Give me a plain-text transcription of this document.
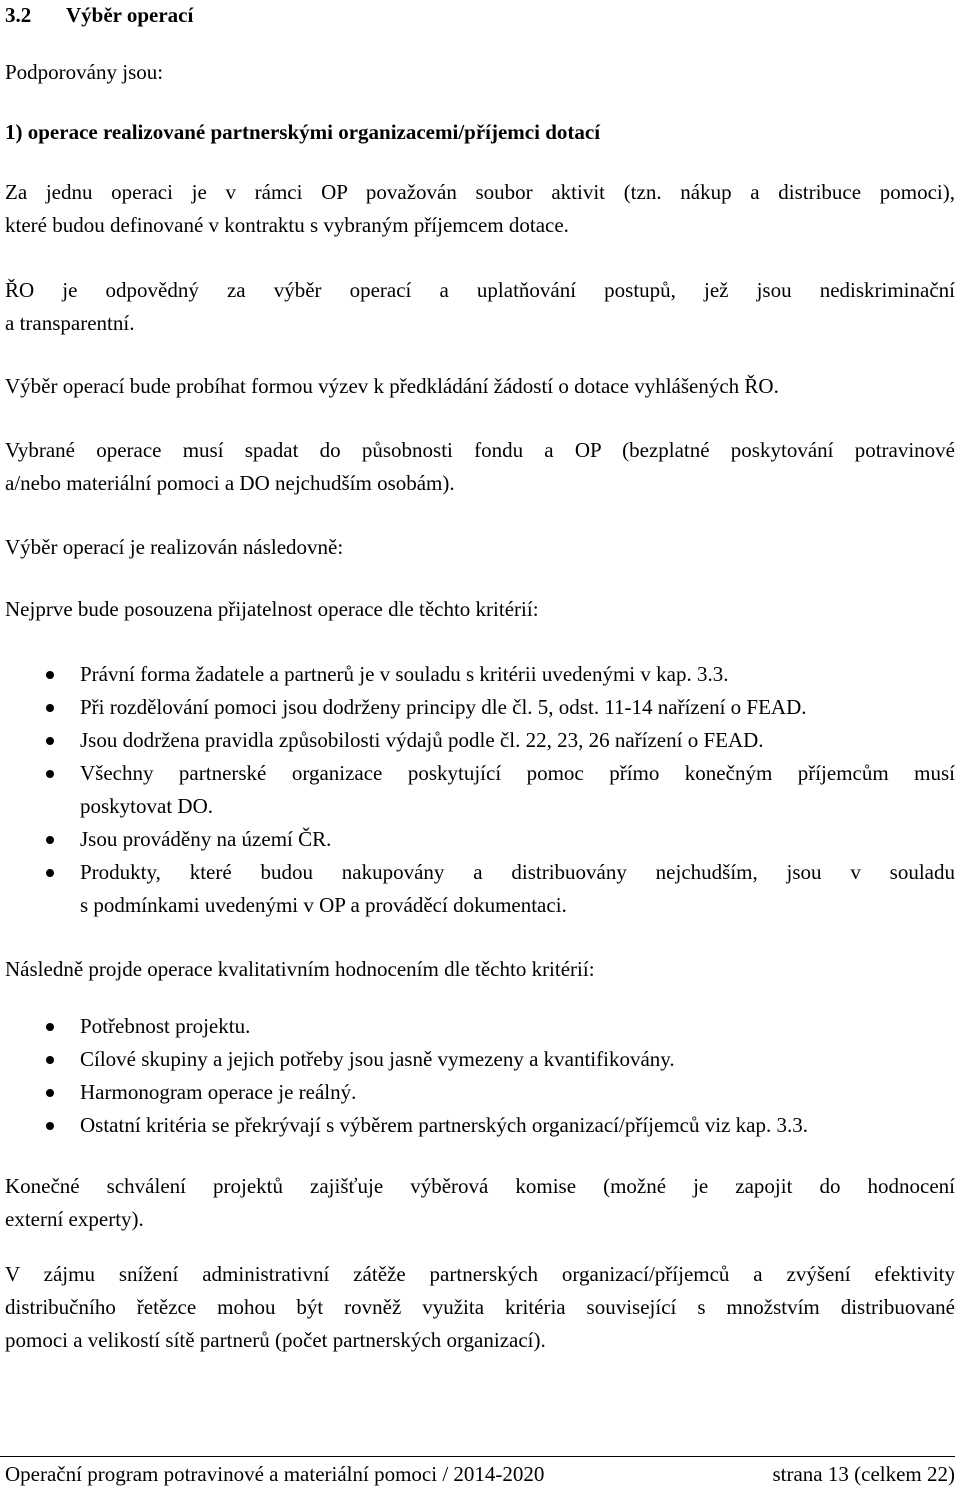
3.2	Výběr operací

Podporovány jsou:

1) operace realizované partnerskými organizacemi/příjemci dotací

Za jednu operaci je v rámci OP považován soubor aktivit (tzn. nákup a distribuce pomoci),
které budou definované v kontraktu s vybraným příjemcem dotace.
ŘO je odpovědný za výběr operací a uplatňování postupů, jež jsou nediskriminační
a transparentní.

Výběr operací bude probíhat formou výzev k předkládání žádostí o dotace vyhlášených ŘO.

Vybrané operace musí spadat do působnosti fondu a OP (bezplatné poskytování potravinové
a/nebo materiální pomoci a DO nejchudším osobám).

Výběr operací je realizován následovně:

Nejprve bude posouzena přijatelnost operace dle těchto kritérií:

Právní forma žadatele a partnerů je v souladu s kritérii uvedenými v kap. 3.3.
Při rozdělování pomoci jsou dodrženy principy dle čl. 5, odst. 11-14 nařízení o FEAD.
Jsou dodržena pravidla způsobilosti výdajů podle čl. 22, 23, 26 nařízení o FEAD.
Všechny partnerské organizace poskytující pomoc přímo konečným příjemcům musí
poskytovat DO.
Jsou prováděny na území ČR.
Produkty, které budou nakupovány a distribuovány nejchudším, jsou v souladu
s podmínkami uvedenými v OP a prováděcí dokumentaci.

Následně projde operace kvalitativním hodnocením dle těchto kritérií:

Potřebnost projektu.
Cílové skupiny a jejich potřeby jsou jasně vymezeny a kvantifikovány.
Harmonogram operace je reálný.
Ostatní kritéria se překrývají s výběrem partnerských organizací/příjemců viz kap. 3.3.
Konečné schválení projektů zajišťuje výběrová komise (možné je zapojit do hodnocení
externí experty).
V zájmu snížení administrativní zátěže partnerských organizací/příjemců a zvýšení efektivity
distribučního řetězce mohou být rovněž využita kritéria související s množstvím distribuované
pomoci a velikostí sítě partnerů (počet partnerských organizací).
Operační program potravinové a materiální pomoci / 2014-2020	strana 13 (celkem 22)
